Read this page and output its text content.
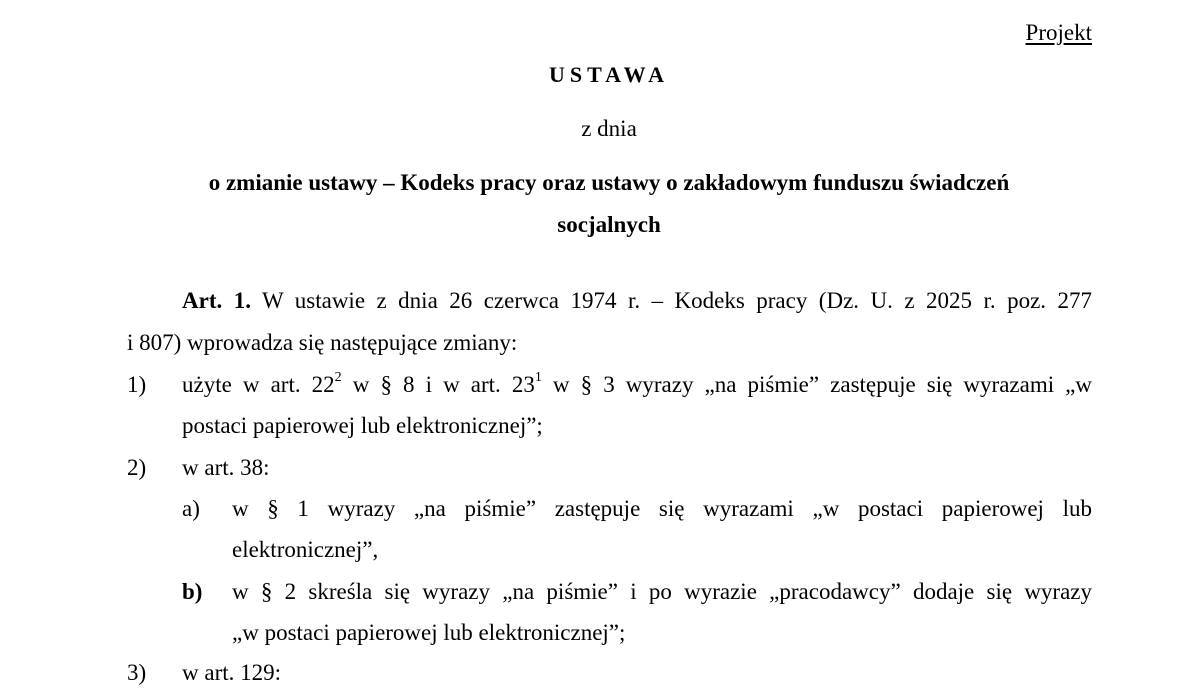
Projekt
USTAWA
z dnia
o zmianie ustawy – Kodeks pracy oraz ustawy o zakładowym funduszu świadczeń
socjalnych
Art. 1. W ustawie z dnia 26 czerwca 1974 r. – Kodeks pracy (Dz. U. z 2025 r. poz. 277
i 807) wprowadza się następujące zmiany:
1) użyte w art. $22^2$ w § 8 i w art. $23^1$ w § 3 wyrazy „na piśmie” zastępuje się wyrazami „w
postaci papierowej lub elektronicznej”;
2) w art. 38:
a) w § 1 wyrazy „na piśmie” zastępuje się wyrazami „w postaci papierowej lub
elektronicznej”,
b) w § 2 skreśla się wyrazy „na piśmie” i po wyrazie „pracodawcy” dodaje się wyrazy
„w postaci papierowej lub elektronicznej”;
3) w art. 129:
